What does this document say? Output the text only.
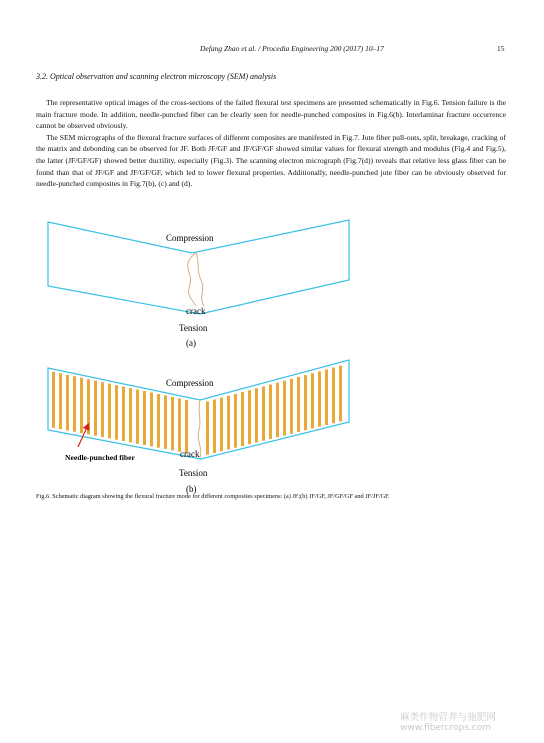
Defang Zhao et al. / Procedia Engineering 200 (2017) 10–17	15
3.2. Optical observation and scanning electron microscopy (SEM) analysis

The representative optical images of the cross-sections of the failed flexural test specimens are presented schematically in Fig.6. Tension failure is the main fracture mode. In addition, needle-punched fiber can be clearly seen for needle-punched composites in Fig.6(b). Interlaminar fracture occurrence cannot be observed obviously.

The SEM micrographs of the flexural fracture surfaces of different composites are manifested in Fig.7. Jute fiber pull-outs, split, breakage, cracking of the matrix and debonding can be observed for JF. Both JF/GF and JF/GF/GF showed similar values for flexural strength and modulus (Fig.4 and Fig.5), the latter (JF/GF/GF) showed better ductility, especially (Fig.3). The scanning electron micrograph (Fig.7(d)) reveals that relative less glass fiber can be found than that of JF/GF and JF/GF/GF, which led to lower flexural properties. Additionally, needle-punched jute fiber can be obviously observed for needle-punched composites in Fig.7(b), (c) and (d).

Compression
crack
Tension
(a)
Compression
crack
Needle-punched fiber
Tension
(b)
Fig.6. Schematic diagram showing the flexural fracture mode for different composites specimens: (a) JF;(b) JF/GF, JF/GF/GF and JF/JF/GF.
麻类作物营养与施肥网
www.fibercrops.com
